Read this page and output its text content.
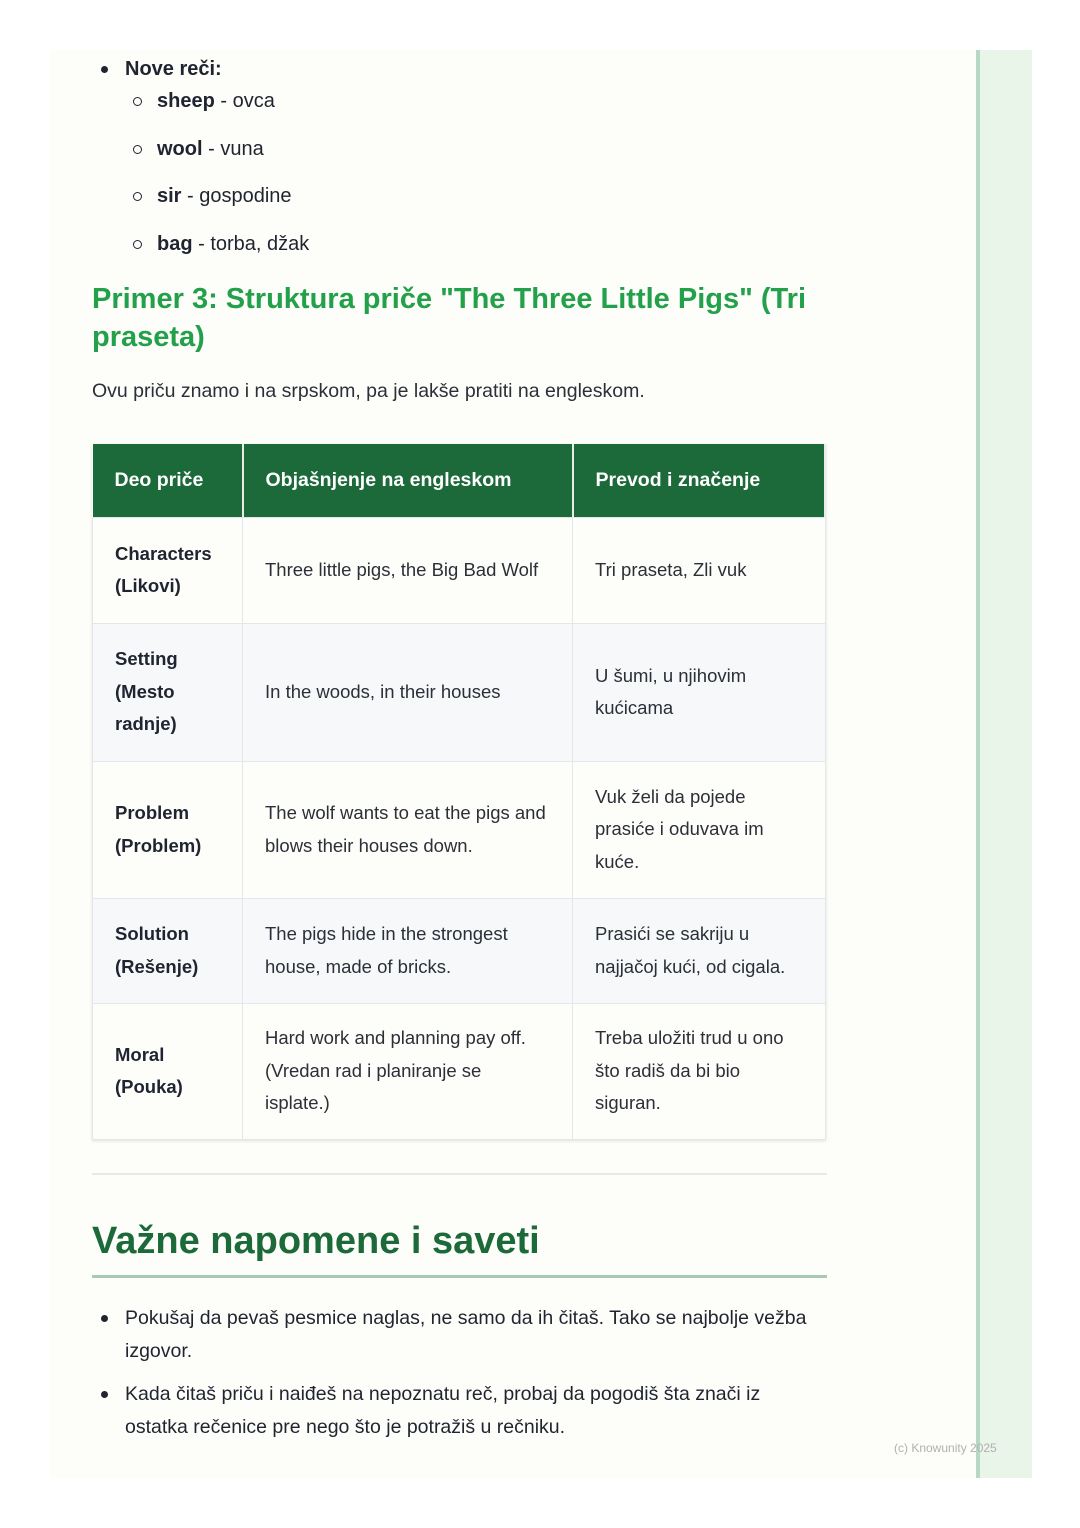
Nove reči:
sheep - ovca
wool - vuna
sir - gospodine
bag - torba, džak
Primer 3: Struktura priče "The Three Little Pigs" (Tri praseta)

Ovu priču znamo i na srpskom, pa je lakše pratiti na engleskom.

Deo priče	Objašnjenje na engleskom	Prevod i značenje
Characters (Likovi)	Three little pigs, the Big Bad Wolf	Tri praseta, Zli vuk
Setting (Mesto radnje)	In the woods, in their houses	U šumi, u njihovim kućicama
Problem (Problem)	The wolf wants to eat the pigs and blows their houses down.	Vuk želi da pojede prasiće i oduvava im kuće.
Solution (Rešenje)	The pigs hide in the strongest house, made of bricks.	Prasići se sakriju u najjačoj kući, od cigala.
Moral (Pouka)	Hard work and planning pay off. (Vredan rad i planiranje se isplate.)	Treba uložiti trud u ono što radiš da bi bio siguran.
Važne napomene i saveti
Pokušaj da pevaš pesmice naglas, ne samo da ih čitaš. Tako se najbolje vežba izgovor.
Kada čitaš priču i naiđeš na nepoznatu reč, probaj da pogodiš šta znači iz ostatka rečenice pre nego što je potražiš u rečniku.
(c) Knowunity 2025
